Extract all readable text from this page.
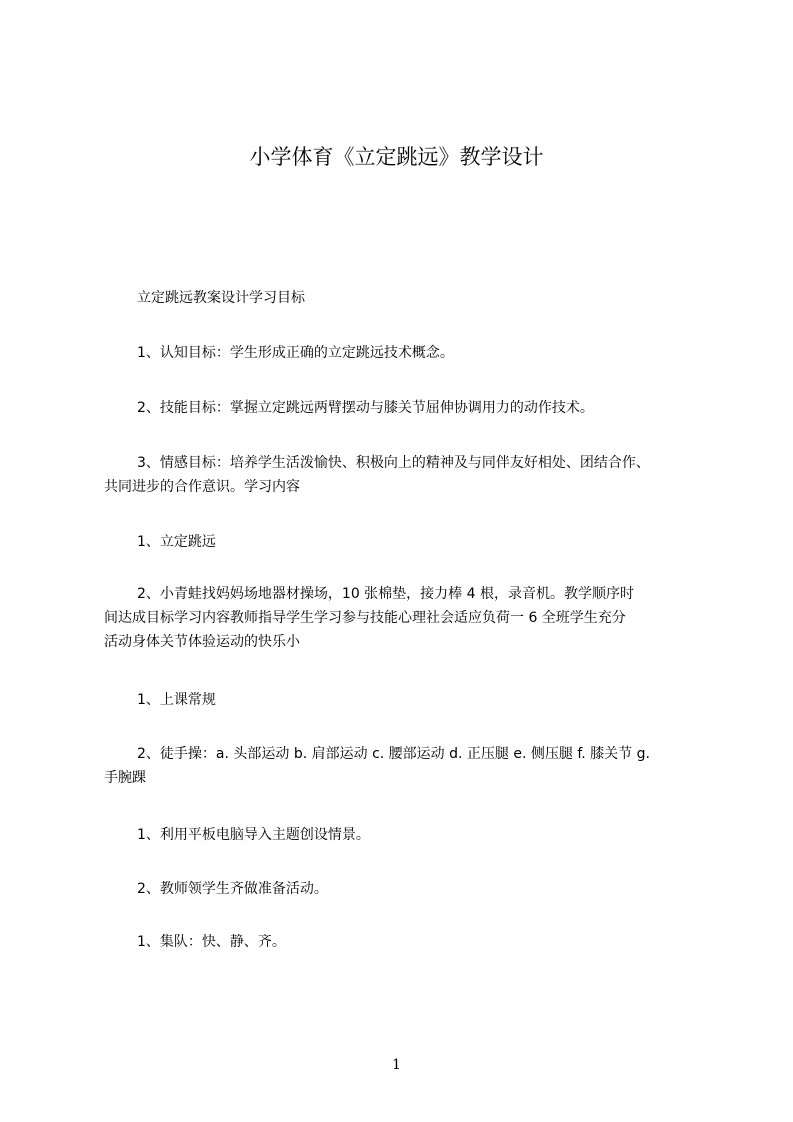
小学体育《立定跳远》教学设计
立定跳远教案设计学习目标
1、认知目标：学生形成正确的立定跳远技术概念。
2、技能目标：掌握立定跳远两臂摆动与膝关节屈伸协调用力的动作技术。
3、情感目标：培养学生活泼愉快、积极向上的精神及与同伴友好相处、团结合作、
共同进步的合作意识。学习内容
1、立定跳远
2、小青蛙找妈妈场地器材操场，10 张棉垫，接力棒 4 根，录音机。教学顺序时
间达成目标学习内容教师指导学生学习参与技能心理社会适应负荷一 6 全班学生充分
活动身体关节体验运动的快乐小
1、上课常规
2、徒手操：a. 头部运动 b. 肩部运动 c. 腰部运动 d. 正压腿 e. 侧压腿 f. 膝关节 g.
手腕踝
1、利用平板电脑导入主题创设情景。
2、教师领学生齐做准备活动。
1、集队：快、静、齐。
1
